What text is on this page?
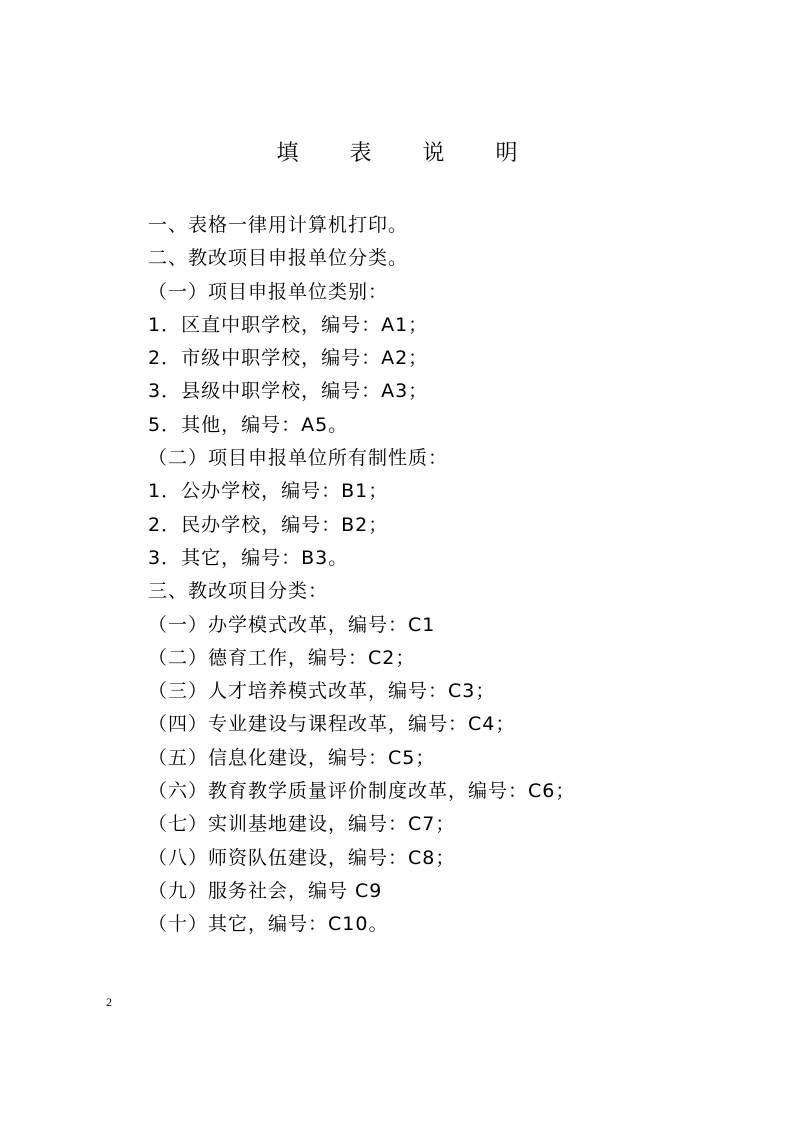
填 表 说 明
一、表格一律用计算机打印。
二、教改项目申报单位分类。
（一）项目申报单位类别：
1．区直中职学校，编号：A1；
2．市级中职学校，编号：A2；
3．县级中职学校，编号：A3；
5．其他，编号：A5。
（二）项目申报单位所有制性质：
1．公办学校，编号：B1；
2．民办学校，编号：B2；
3．其它，编号：B3。
三、教改项目分类：
（一）办学模式改革，编号：C1
（二）德育工作，编号：C2；
（三）人才培养模式改革，编号：C3；
（四）专业建设与课程改革，编号：C4；
（五）信息化建设，编号：C5；
（六）教育教学质量评价制度改革，编号：C6；
（七）实训基地建设，编号：C7；
（八）师资队伍建设，编号：C8；
（九）服务社会，编号 C9
（十）其它，编号：C10。
2
